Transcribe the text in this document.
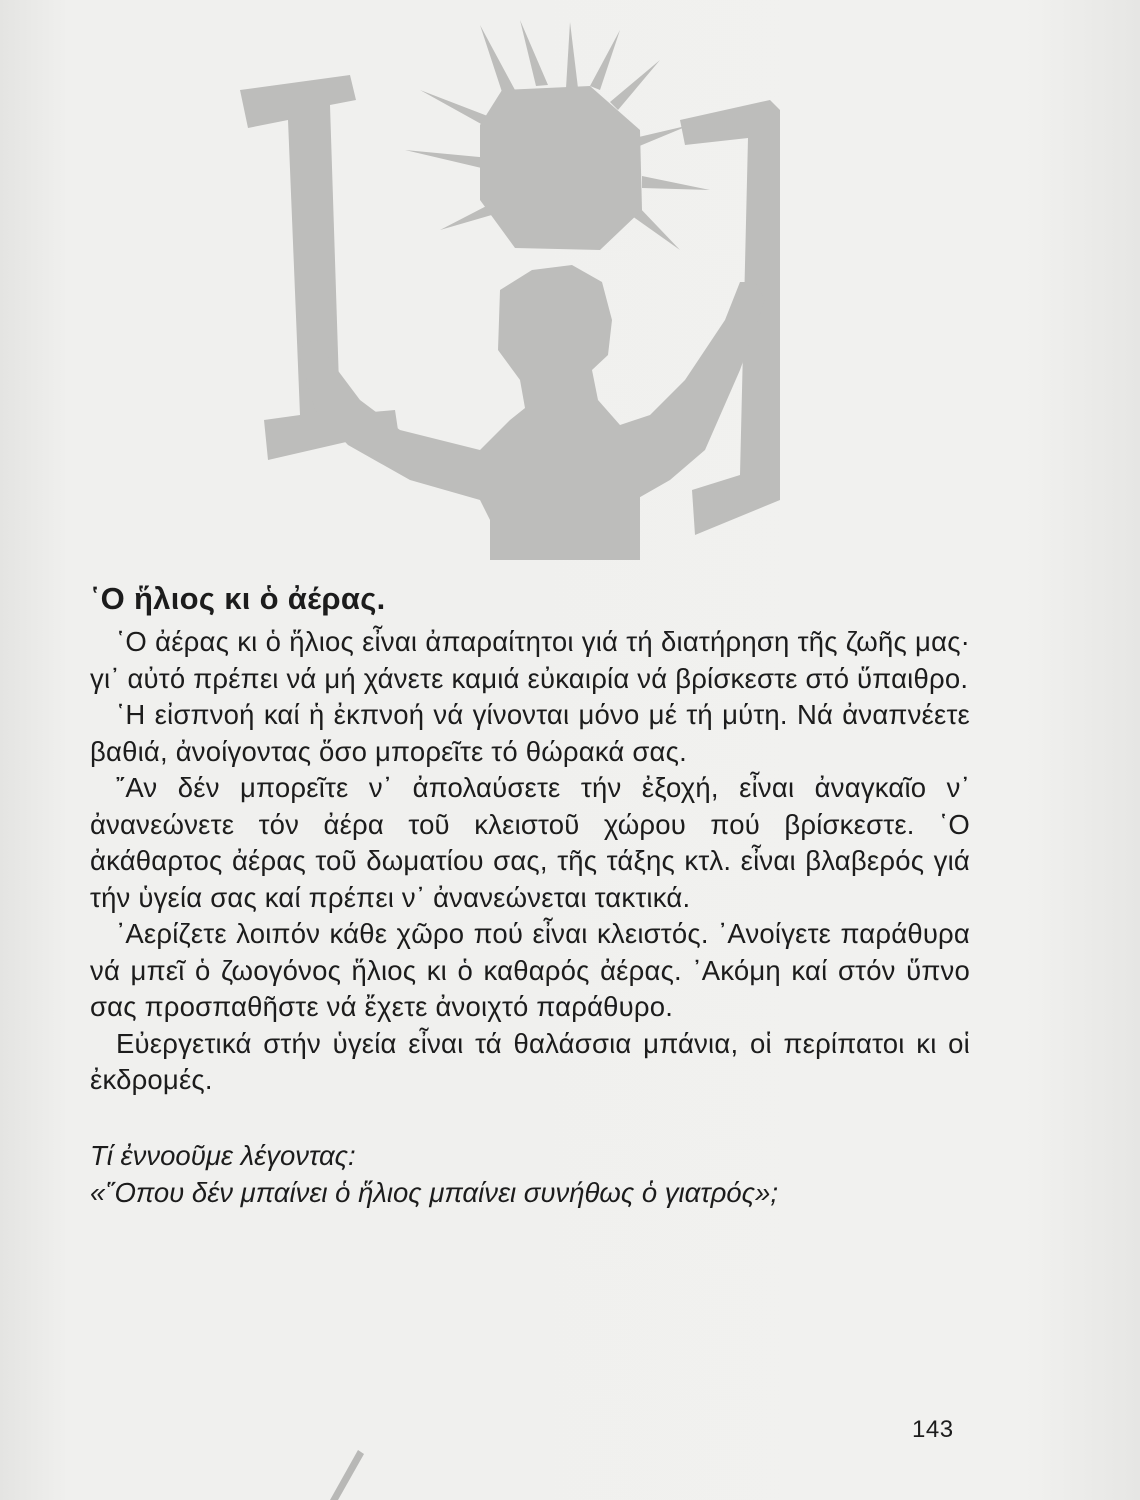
῾Ο ἥλιος κι ὁ ἀέρας.

῾Ο ἀέρας κι ὁ ἥλιος εἶναι ἀπαραίτητοι γιά τή διατήρηση τῆς ζωῆς μας· γι᾽ αὐτό πρέπει νά μή χάνετε καμιά εὐκαιρία νά βρίσκεστε στό ὕπαιθρο.

῾Η εἰσπνοή καί ἡ ἐκπνοή νά γίνονται μόνο μέ τή μύτη. Νά ἀναπνέετε βαθιά, ἀνοίγοντας ὅσο μπορεῖτε τό θώρακά σας.

῎Αν δέν μπορεῖτε ν᾽ ἀπολαύσετε τήν ἐξοχή, εἶναι ἀναγκαῖο ν᾽ ἀνανεώνετε τόν ἀέρα τοῦ κλειστοῦ χώρου πού βρίσκεστε. ῾Ο ἀκάθαρτος ἀέρας τοῦ δωματίου σας, τῆς τάξης κτλ. εἶναι βλαβερός γιά τήν ὑγεία σας καί πρέπει ν᾽ ἀνανεώνεται τακτικά.

᾽Αερίζετε λοιπόν κάθε χῶρο πού εἶναι κλειστός. ᾽Ανοίγετε παράθυρα νά μπεῖ ὁ ζωογόνος ἥλιος κι ὁ καθαρός ἀέρας. ᾽Ακόμη καί στόν ὕπνο σας προσπαθῆστε νά ἔχετε ἀνοιχτό παράθυρο.

Εὐεργετικά στήν ὑγεία εἶναι τά θαλάσσια μπάνια, οἱ περίπατοι κι οἱ ἐκδρομές.

Τί ἐννοοῦμε λέγοντας:
«῞Οπου δέν μπαίνει ὁ ἥλιος μπαίνει συνήθως ὁ γιατρός»;
143
